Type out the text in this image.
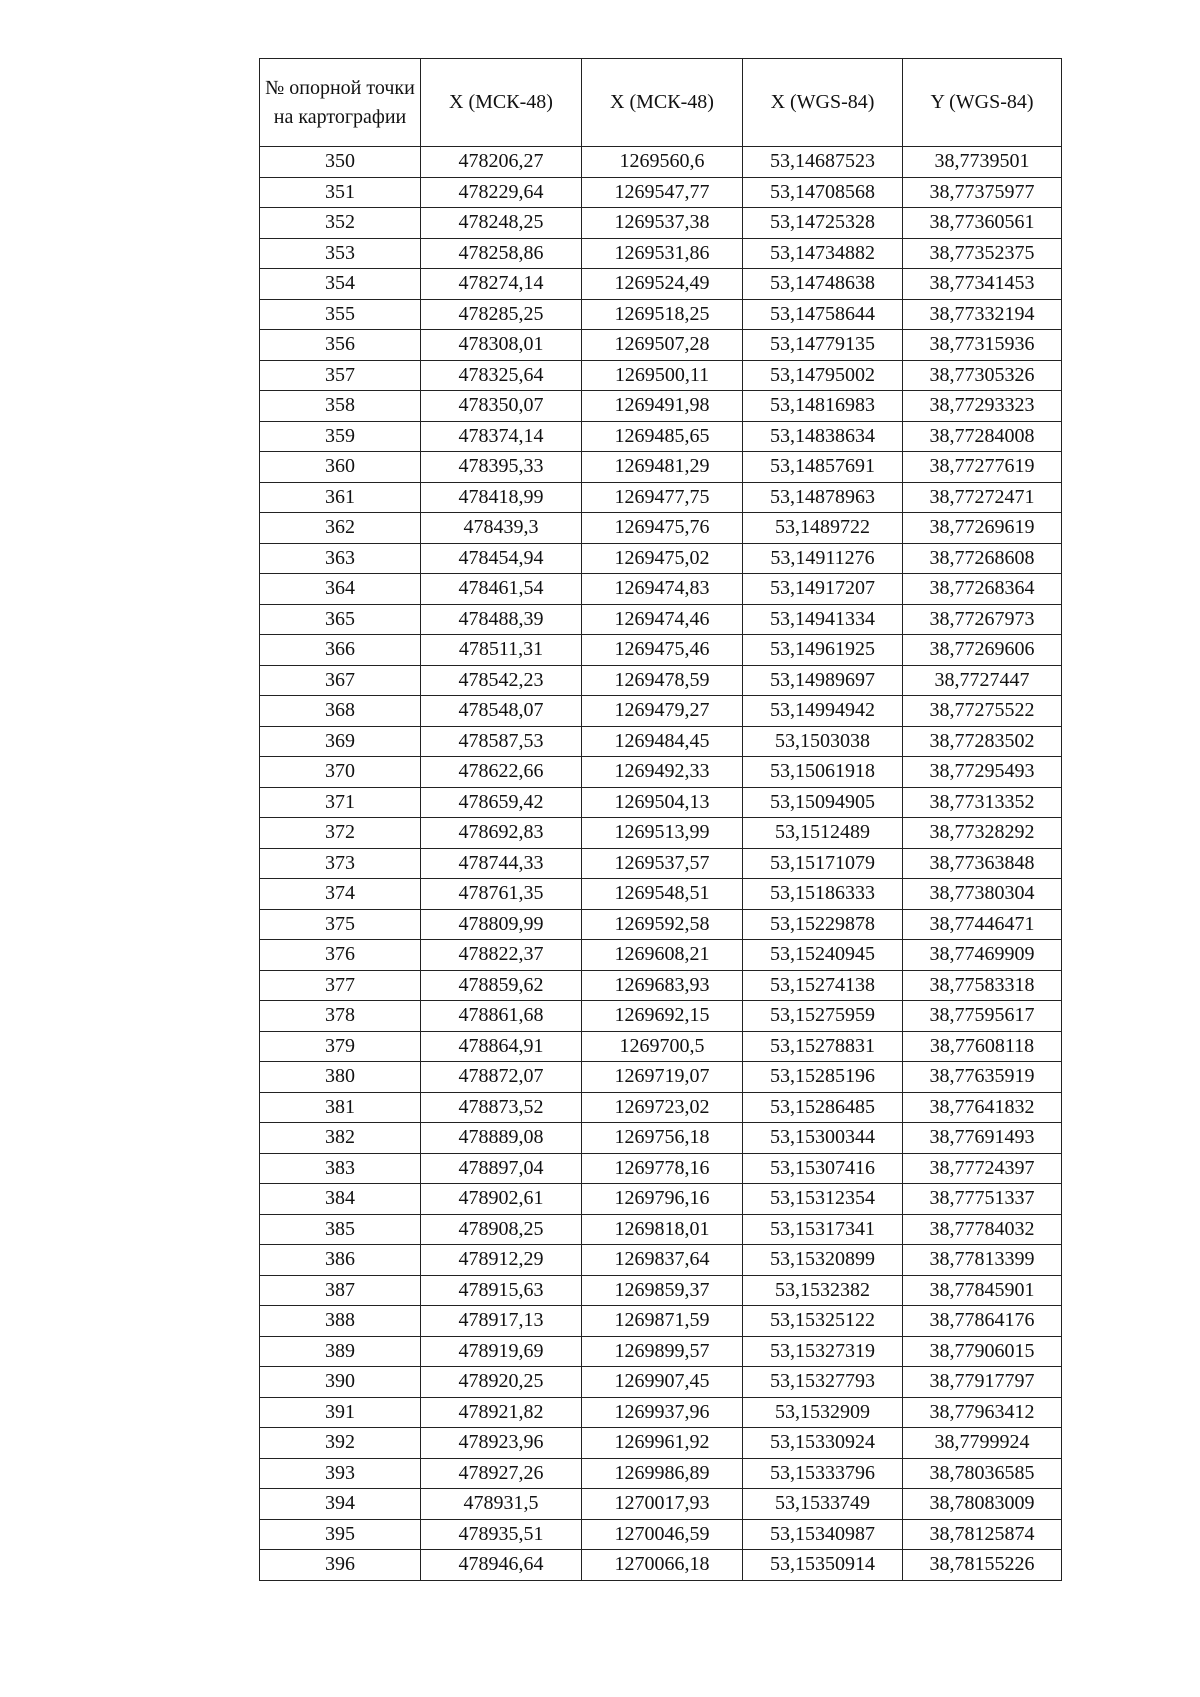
№ опорной точки на картографии	X (МСК-48)	X (МСК-48)	X (WGS-84)	Y (WGS-84)
350	478206,27	1269560,6	53,14687523	38,7739501
351	478229,64	1269547,77	53,14708568	38,77375977
352	478248,25	1269537,38	53,14725328	38,77360561
353	478258,86	1269531,86	53,14734882	38,77352375
354	478274,14	1269524,49	53,14748638	38,77341453
355	478285,25	1269518,25	53,14758644	38,77332194
356	478308,01	1269507,28	53,14779135	38,77315936
357	478325,64	1269500,11	53,14795002	38,77305326
358	478350,07	1269491,98	53,14816983	38,77293323
359	478374,14	1269485,65	53,14838634	38,77284008
360	478395,33	1269481,29	53,14857691	38,77277619
361	478418,99	1269477,75	53,14878963	38,77272471
362	478439,3	1269475,76	53,1489722	38,77269619
363	478454,94	1269475,02	53,14911276	38,77268608
364	478461,54	1269474,83	53,14917207	38,77268364
365	478488,39	1269474,46	53,14941334	38,77267973
366	478511,31	1269475,46	53,14961925	38,77269606
367	478542,23	1269478,59	53,14989697	38,7727447
368	478548,07	1269479,27	53,14994942	38,77275522
369	478587,53	1269484,45	53,1503038	38,77283502
370	478622,66	1269492,33	53,15061918	38,77295493
371	478659,42	1269504,13	53,15094905	38,77313352
372	478692,83	1269513,99	53,1512489	38,77328292
373	478744,33	1269537,57	53,15171079	38,77363848
374	478761,35	1269548,51	53,15186333	38,77380304
375	478809,99	1269592,58	53,15229878	38,77446471
376	478822,37	1269608,21	53,15240945	38,77469909
377	478859,62	1269683,93	53,15274138	38,77583318
378	478861,68	1269692,15	53,15275959	38,77595617
379	478864,91	1269700,5	53,15278831	38,77608118
380	478872,07	1269719,07	53,15285196	38,77635919
381	478873,52	1269723,02	53,15286485	38,77641832
382	478889,08	1269756,18	53,15300344	38,77691493
383	478897,04	1269778,16	53,15307416	38,77724397
384	478902,61	1269796,16	53,15312354	38,77751337
385	478908,25	1269818,01	53,15317341	38,77784032
386	478912,29	1269837,64	53,15320899	38,77813399
387	478915,63	1269859,37	53,1532382	38,77845901
388	478917,13	1269871,59	53,15325122	38,77864176
389	478919,69	1269899,57	53,15327319	38,77906015
390	478920,25	1269907,45	53,15327793	38,77917797
391	478921,82	1269937,96	53,1532909	38,77963412
392	478923,96	1269961,92	53,15330924	38,7799924
393	478927,26	1269986,89	53,15333796	38,78036585
394	478931,5	1270017,93	53,1533749	38,78083009
395	478935,51	1270046,59	53,15340987	38,78125874
396	478946,64	1270066,18	53,15350914	38,78155226
